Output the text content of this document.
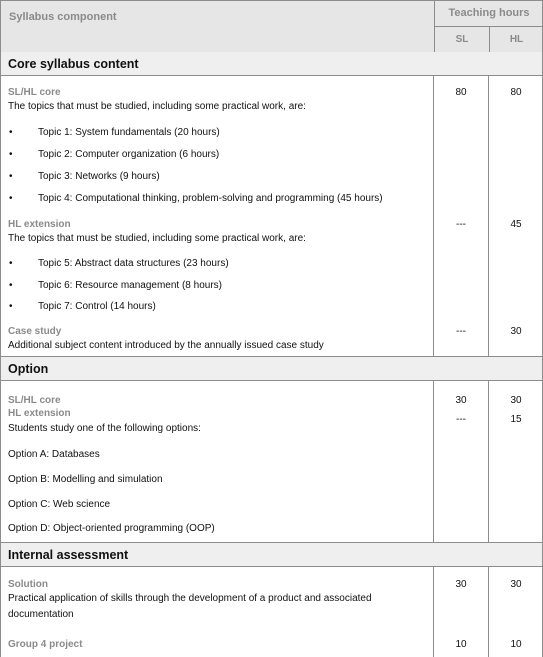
Syllabus component	Teaching hours
SL	HL
Core syllabus content
SL/HL core
The topics that must be studied, including some practical work, are:
80	80
•	Topic 1: System fundamentals (20 hours)
•	Topic 2: Computer organization (6 hours)
•	Topic 3: Networks (9 hours)
•	Topic 4: Computational thinking, problem-solving and programming (45 hours)
HL extension
The topics that must be studied, including some practical work, are:
---	45
•	Topic 5: Abstract data structures (23 hours)
•	Topic 6: Resource management (8 hours)
•	Topic 7: Control (14 hours)
Case study
Additional subject content introduced by the annually issued case study
---	30
Option
SL/HL core	30	30
HL extension
---	15
Students study one of the following options:
Option A: Databases
Option B: Modelling and simulation
Option C: Web science
Option D: Object-oriented programming (OOP)
Internal assessment
Solution
Practical application of skills through the development of a product and associated documentation
30	30
Group 4 project	10	10
